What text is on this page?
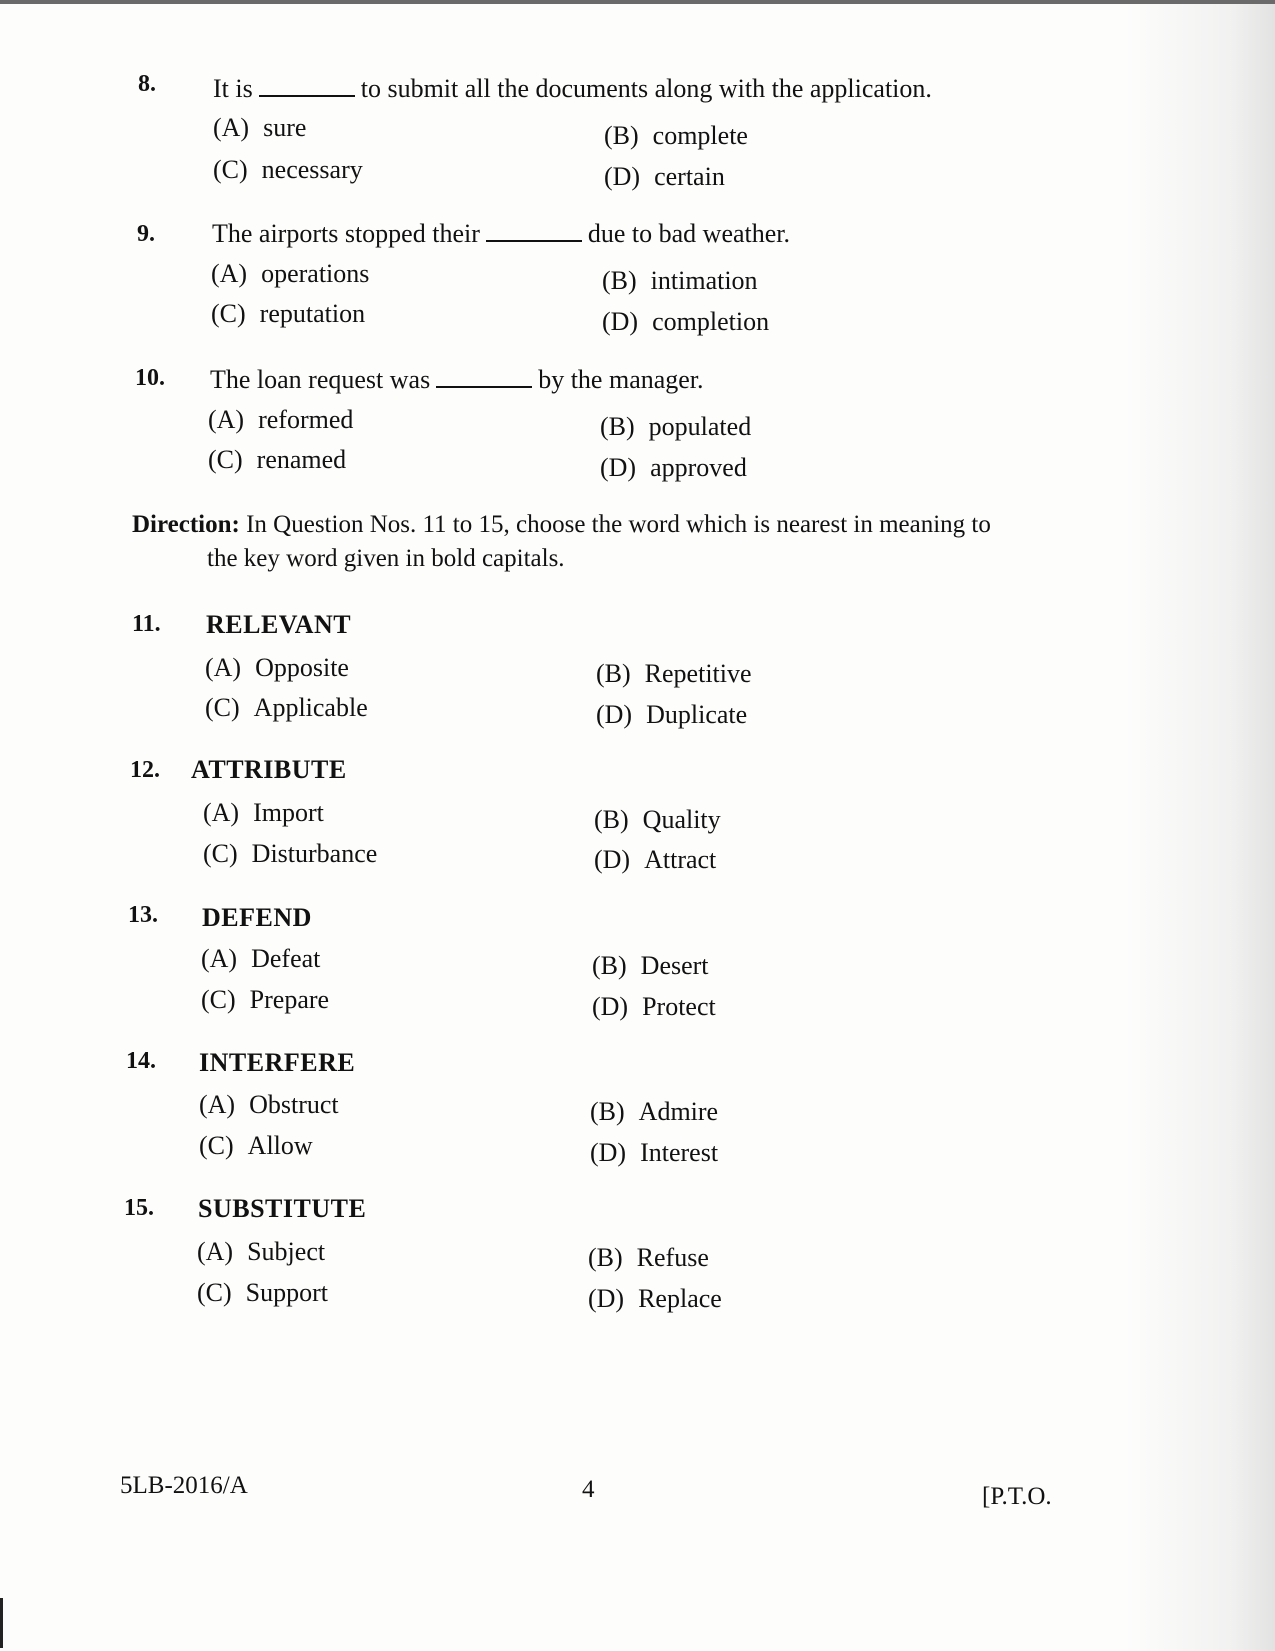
8. It is	to submit all the documents along with the application.
(A) sure	(B) complete
(C) necessary	(D) certain
9. The airports stopped their	due to bad weather.
(A) operations	(B) intimation
(C) reputation	(D) completion
10. The loan request was	by the manager.
(A) reformed	(B) populated
(C) renamed	(D) approved
Direction: In Question Nos. 11 to 15, choose the word which is nearest in meaning to
the key word given in bold capitals.
11. RELEVANT
(A) Opposite	(B) Repetitive
(C) Applicable	(D) Duplicate
12. ATTRIBUTE
(A) Import	(B) Quality
(C) Disturbance	(D) Attract
13. DEFEND
(A) Defeat	(B) Desert
(C) Prepare	(D) Protect
14. INTERFERE
(A) Obstruct	(B) Admire
(C) Allow	(D) Interest
15. SUBSTITUTE
(A) Subject	(B) Refuse
(C) Support	(D) Replace
5LB-2016/A	4	[P.T.O.
